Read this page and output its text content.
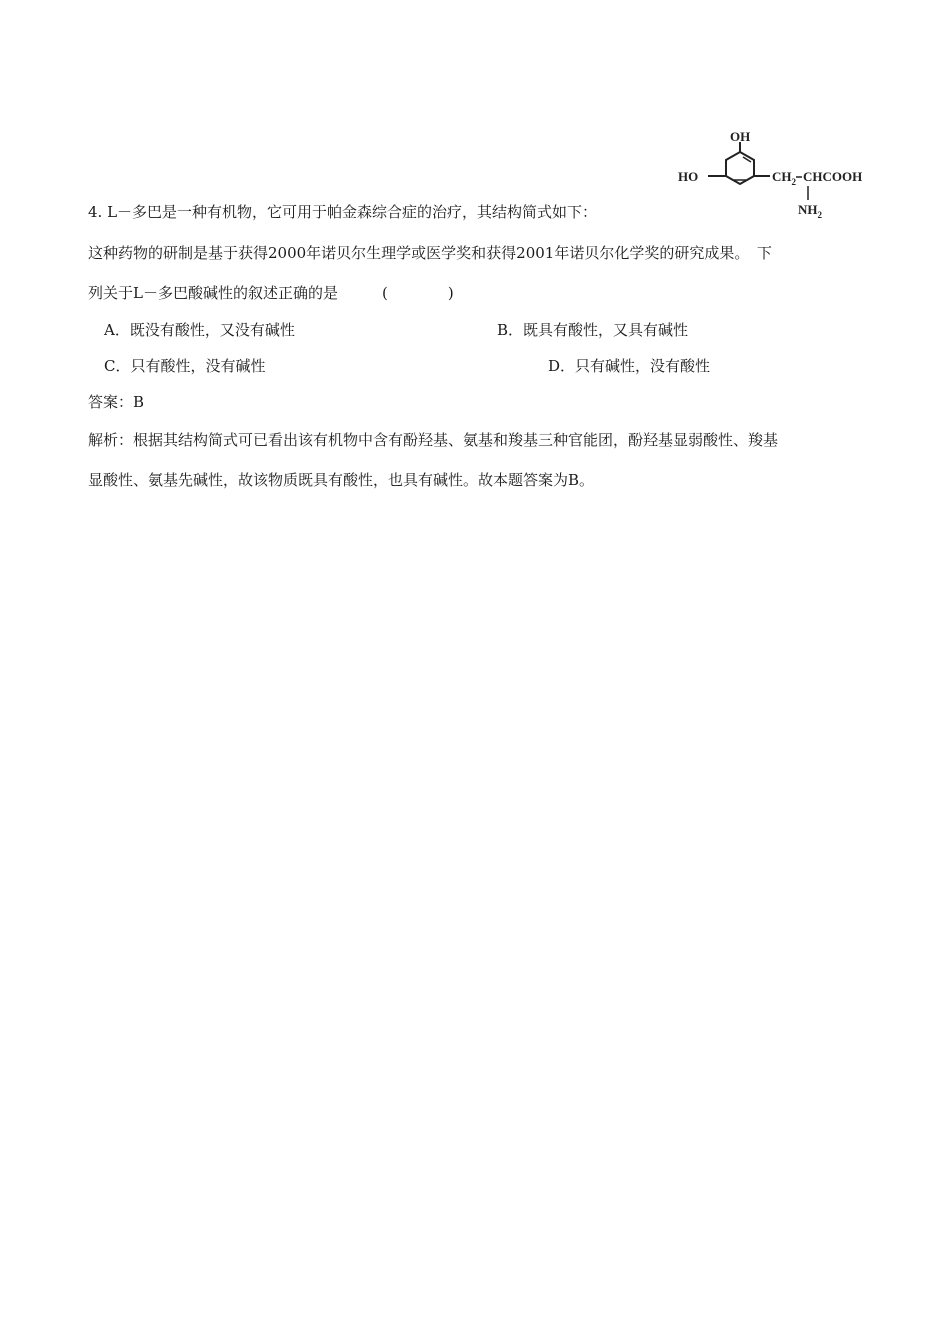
OH
HO	$CH_2$ CHCOOH
$NH_2$
4. L－多巴是一种有机物，它可用于帕金森综合症的治疗，其结构简式如下：
这种药物的研制是基于获得2000年诺贝尔生理学或医学奖和获得2001年诺贝尔化学奖的研究成果。　下
列关于L－多巴酸碱性的叙述正确的是	(	)
A．既没有酸性，又没有碱性	B．既具有酸性，又具有碱性
C．只有酸性，没有碱性	D．只有碱性，没有酸性
答案：B
解析：根据其结构简式可已看出该有机物中含有酚羟基、氨基和羧基三种官能团，酚羟基显弱酸性、羧基
显酸性、氨基先碱性，故该物质既具有酸性，也具有碱性。故本题答案为B。
